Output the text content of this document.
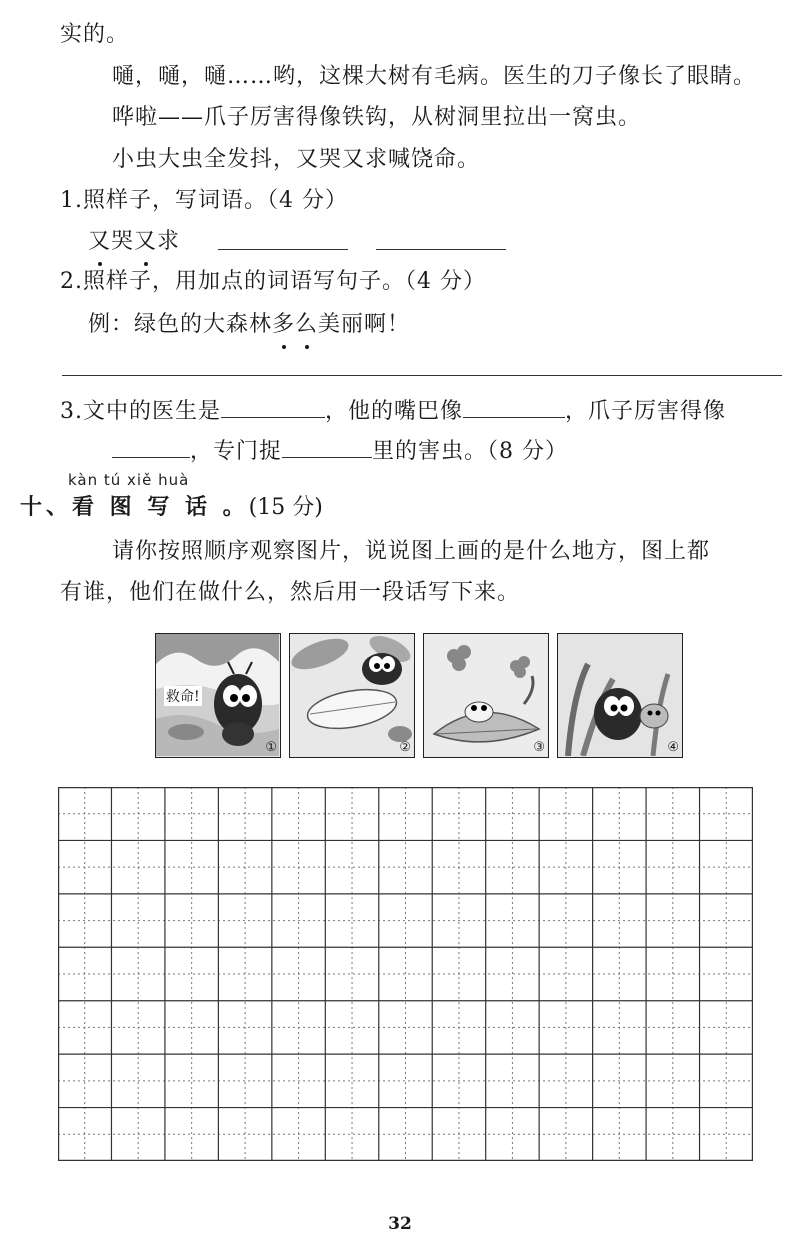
实的。
嗵，嗵，嗵……哟，这棵大树有毛病。医生的刀子像长了眼睛。
哗啦——爪子厉害得像铁钩，从树洞里拉出一窝虫。
小虫大虫全发抖，又哭又求喊饶命。
1.照样子，写词语。（4 分）
又哭又求
2.照样子，用加点的词语写句子。（4 分）
例：绿色的大森林多么美丽啊！
3.文中的医生是	，他的嘴巴像	，爪子厉害得像
，专门捉	里的害虫。（8 分）
kàn tú xiě huà
十、看 图 写 话 。(15 分)
请你按照顺序观察图片，说说图上画的是什么地方，图上都
有谁，他们在做什么，然后用一段话写下来。
救命!
①	②	③	④
32
